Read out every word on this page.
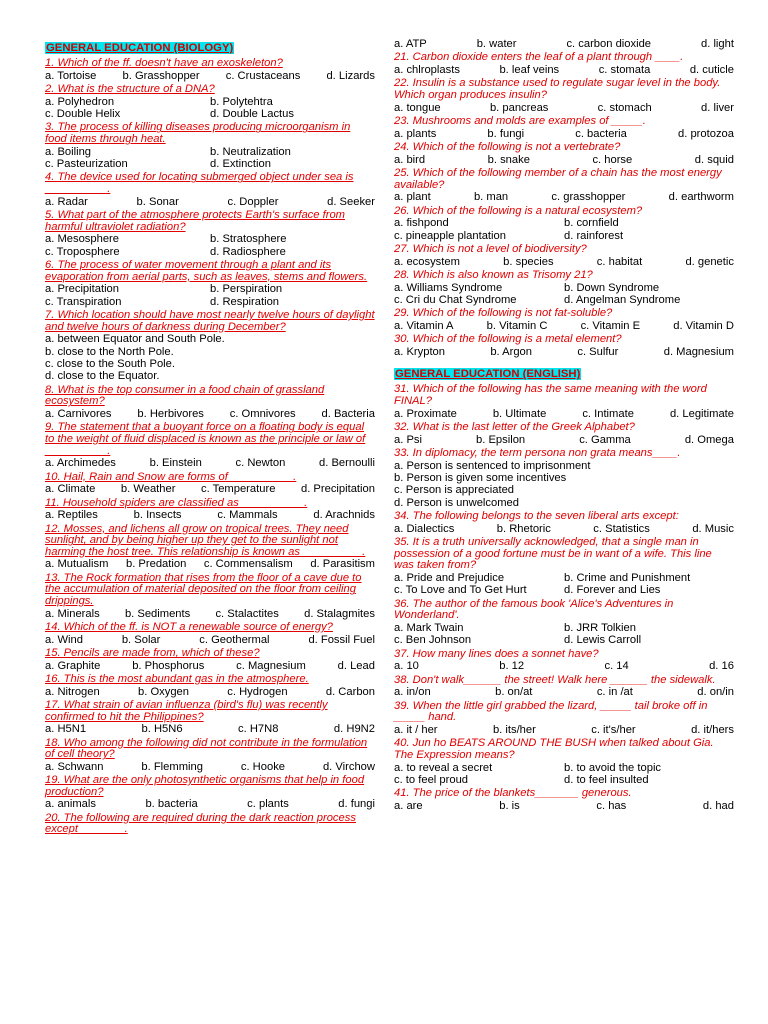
GENERAL EDUCATION (BIOLOGY)
1. Which of the ff. doesn't have an exoskeleton?
a. Tortoise b. Grasshopper c. Crustaceans d. Lizards
2. What is the structure of a DNA?
a. Polyhedron	b. Polytehtra
c. Double Helix	d. Double Lactus
3. The process of killing diseases producing microorganism in food items through heat.
a. Boiling	b. Neutralization
c. Pasteurization	d. Extinction
4. The device used for locating submerged object under sea is __________.
a. Radar	b. Sonar	c. Doppler	d. Seeker
5. What part of the atmosphere protects Earth's surface from harmful ultraviolet radiation?
a. Mesosphere	b. Stratosphere
c. Troposphere	d. Radiosphere
6. The process of water movement through a plant and its evaporation from aerial parts, such as leaves, stems and flowers.
a. Precipitation	b. Perspiration
c. Transpiration	d. Respiration
7. Which location should have most nearly twelve hours of daylight and twelve hours of darkness during December?
a. between Equator and South Pole.
b. close to the North Pole.
c. close to the South Pole.
d. close to the Equator.
8. What is the top consumer in a food chain of grassland ecosystem?
a. Carnivores b. Herbivores c. Omnivores d. Bacteria
9. The statement that a buoyant force on a floating body is equal to the weight of fluid displaced is known as the principle or law of __________.
a. Archimedes	b. Einstein	c. Newton	d. Bernoulli
10. Hail, Rain and Snow are forms of __________.
a. Climate b. Weather c. Temperature d. Precipitation
11. Household spiders are classified as __________.
a. Reptiles	b. Insects	c. Mammals	d. Arachnids
12. Mosses, and lichens all grow on tropical trees. They need sunlight, and by being higher up they get to the sunlight not harming the host tree. This relationship is known as__________.
a. Mutualism b. Predation c. Commensalism d. Parasitism
13. The Rock formation that rises from the floor of a cave due to the accumulation of material deposited on the floor from ceiling drippings.
a. Minerals b. Sediments c. Stalactites d. Stalagmites
14. Which of the ff. is NOT a renewable source of energy?
a. Wind	b. Solar	c. Geothermal	d. Fossil Fuel
15. Pencils are made from, which of these?
a. Graphite	b. Phosphorus	c. Magnesium	d. Lead
16. This is the most abundant gas in the atmosphere.
a. Nitrogen	b. Oxygen	c. Hydrogen	d. Carbon
17. What strain of avian influenza (bird's flu) was recently confirmed to hit the Philippines?
a. H5N1	b. H5N6	c. H7N8	d. H9N2
18. Who among the following did not contribute in the formulation of cell theory?
a. Schwann	b. Flemming	c. Hooke	d. Virchow
19. What are the only photosynthetic organisms that help in food production?
a. animals	b. bacteria	c. plants	d. fungi
20. The following are required during the dark reaction process except _______.
a. ATP	b. water	c. carbon dioxide	d. light
21. Carbon dioxide enters the leaf of a plant through ____.
a. chlroplasts	b. leaf veins	c. stomata	d. cuticle
22. Insulin is a substance used to regulate sugar level in the body. Which organ produces insulin?
a. tongue	b. pancreas	c. stomach	d. liver
23. Mushrooms and molds are examples of _____.
a. plants	b. fungi	c. bacteria	d. protozoa
24. Which of the following is not a vertebrate?
a. bird	b. snake	c. horse	d. squid
25. Which of the following member of a chain has the most energy available?
a. plant	b. man	c. grasshopper	d. earthworm
26. Which of the following is a natural ecosystem?
a. fishpond	b. cornfield
c. pineapple plantation	d. rainforest
27. Which is not a level of biodiversity?
a. ecosystem	b. species	c. habitat	d. genetic
28. Which is also known as Trisomy 21?
a. Williams Syndrome	b. Down Syndrome
c. Cri du Chat Syndrome	d. Angelman Syndrome
29. Which of the following is not fat-soluble?
a. Vitamin A	b. Vitamin C	c. Vitamin E	d. Vitamin D
30. Which of the following is a metal element?
a. Krypton	b. Argon	c. Sulfur	d. Magnesium
GENERAL EDUCATION (ENGLISH)
31. Which of the following has the same meaning with the word FINAL?
a. Proximate	b. Ultimate	c. Intimate	d. Legitimate
32. What is the last letter of the Greek Alphabet?
a. Psi	b. Epsilon	c. Gamma	d. Omega
33. In diplomacy, the term persona non grata means____.
a. Person is sentenced to imprisonment
b. Person is given some incentives
c. Person is appreciated
d. Person is unwelcomed
34. The following belongs to the seven liberal arts except:
a. Dialectics	b. Rhetoric	c. Statistics	d. Music
35. It is a truth universally acknowledged, that a single man in possession of a good fortune must be in want of a wife. This line was taken from?
a. Pride and Prejudice	b. Crime and Punishment
c. To Love and To Get Hurt	d. Forever and Lies
36. The author of the famous book 'Alice's Adventures in Wonderland'.
a. Mark Twain	b. JRR Tolkien
c. Ben Johnson	d. Lewis Carroll
37. How many lines does a sonnet have?
a. 10	b. 12	c. 14	d. 16
38. Don't walk______ the street! Walk here ______ the sidewalk.
a. in/on	b. on/at	c. in /at	d. on/in
39. When the little girl grabbed the lizard, _____ tail broke off in _____ hand.
a. it / her	b. its/her	c. it's/her	d. it/hers
40. Jun ho BEATS AROUND THE BUSH when talked about Gia. The Expression means?
a. to reveal a secret	b. to avoid the topic
c. to feel proud	d. to feel insulted
41. The price of the blankets_______ generous.
a. are	b. is	c. has	d. had
